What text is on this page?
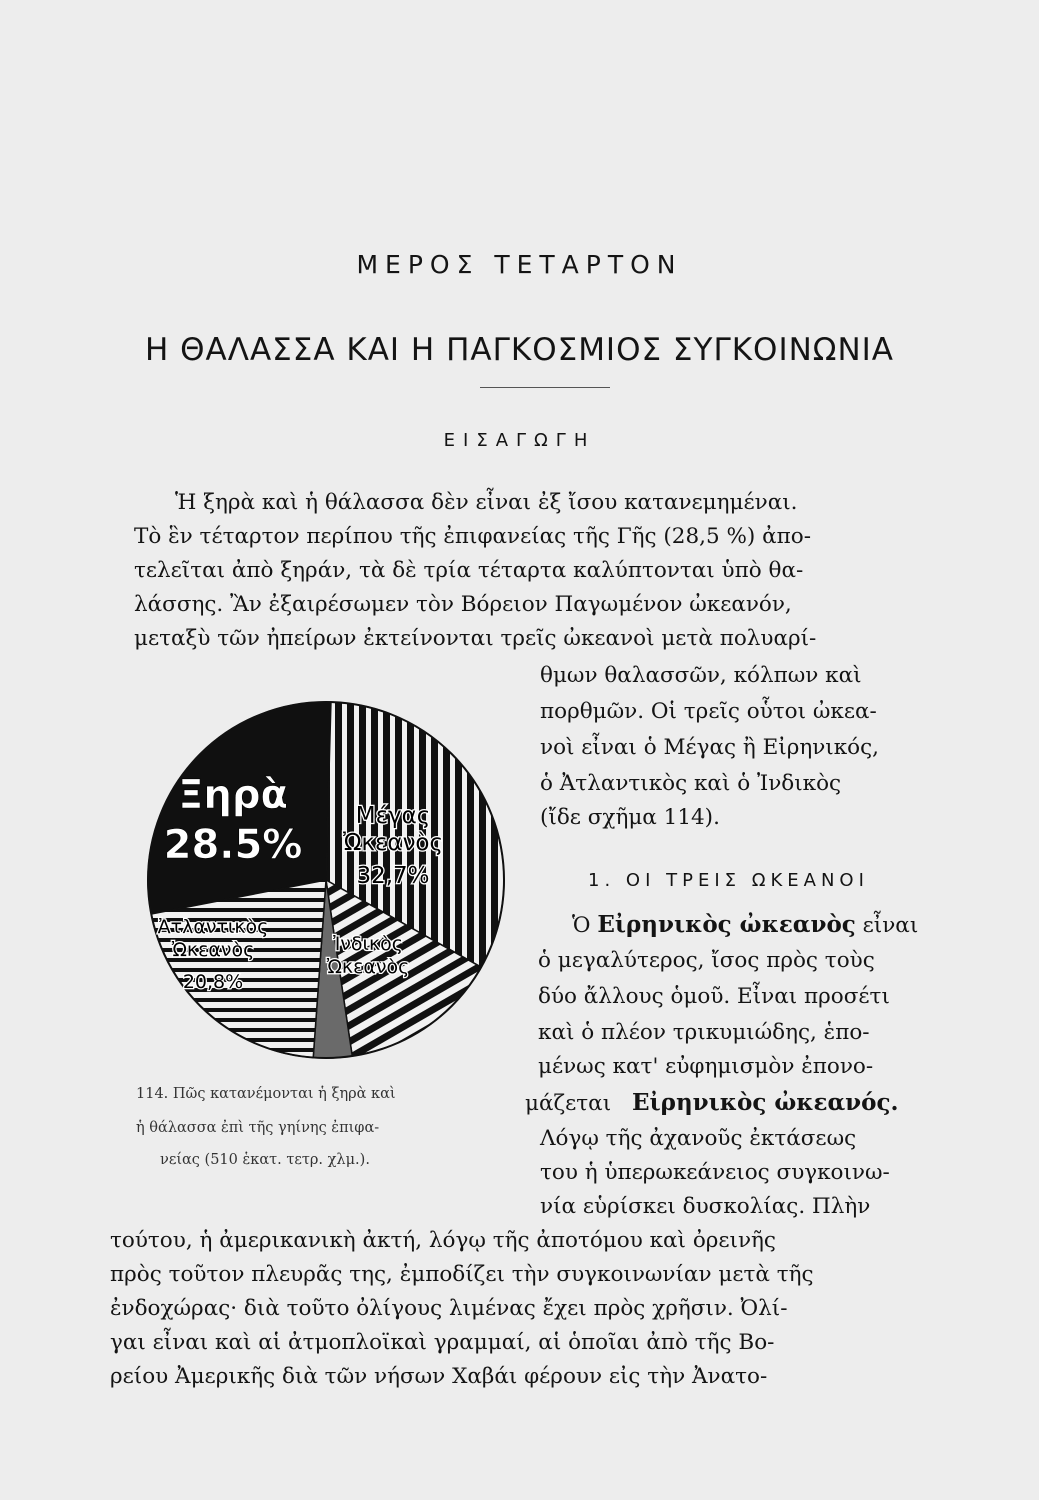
ΜΕΡΟΣ ΤΕΤΑΡΤΟΝ
Η ΘΑΛΑΣΣΑ ΚΑΙ Η ΠΑΓΚΟΣΜΙΟΣ ΣΥΓΚΟΙΝΩΝΙΑ
ΕΙΣΑΓΩΓΗ
Ἡ ξηρὰ καὶ ἡ θάλασσα δὲν εἶναι ἐξ ἴσου κατανεμημέναι.
Τὸ ἓν τέταρτον περίπου τῆς ἐπιφανείας τῆς Γῆς (28,5 %) ἀπο-
τελεῖται ἀπὸ ξηράν, τὰ δὲ τρία τέταρτα καλύπτονται ὑπὸ θα-
λάσσης. Ἂν ἐξαιρέσωμεν τὸν Βόρειον Παγωμένον ὠκεανόν,
μεταξὺ τῶν ἠπείρων ἐκτείνονται τρεῖς ὠκεανοὶ μετὰ πολυαρί-
θμων θαλασσῶν, κόλπων καὶ
πορθμῶν. Οἱ τρεῖς οὗτοι ὠκεα-
νοὶ εἶναι ὁ Μέγας ἢ Εἰρηνικός,
ὁ Ἀτλαντικὸς καὶ ὁ Ἰνδικὸς
(ἴδε σχῆμα 114).
1. ΟΙ ΤΡΕΙΣ ΩΚΕΑΝΟΙ
Ὁ Εἰρηνικὸς ὠκεανὸς εἶναι
ὁ μεγαλύτερος, ἴσος πρὸς τοὺς
δύο ἄλλους ὁμοῦ. Εἶναι προσέτι
καὶ ὁ πλέον τρικυμιώδης, ἑπο-
μένως κατ' εὐφημισμὸν ἐπονο-
μάζεται Εἰρηνικὸς ὠκεανός.
Λόγῳ τῆς ἀχανοῦς ἐκτάσεως
του ἡ ὑπερωκεάνειος συγκοινω-
νία εὑρίσκει δυσκολίας. Πλὴν
τούτου, ἡ ἀμερικανικὴ ἀκτή, λόγῳ τῆς ἀποτόμου καὶ ὀρεινῆς
πρὸς τοῦτον πλευρᾶς της, ἐμποδίζει τὴν συγκοινωνίαν μετὰ τῆς
ἐνδοχώρας· διὰ τοῦτο ὀλίγους λιμένας ἔχει πρὸς χρῆσιν. Ὀλί-
γαι εἶναι καὶ αἱ ἀτμοπλοϊκαὶ γραμμαί, αἱ ὁποῖαι ἀπὸ τῆς Βο-
ρείου Ἀμερικῆς διὰ τῶν νήσων Χαβάι φέρουν εἰς τὴν Ἀνατο-
114. Πῶς κατανέμονται ἡ ξηρὰ καὶ
ἡ θάλασσα ἐπὶ τῆς γηίνης ἐπιφα-
νείας (510 ἑκατ. τετρ. χλμ.).
Ξηρὰ
28.5%
Μέγας
Ὠκεανὸς
32,7%
Ἰνδικὸς
Ὠκεανὸς
Ἀτλαντικὸς
Ὠκεανὸς
20,8%
